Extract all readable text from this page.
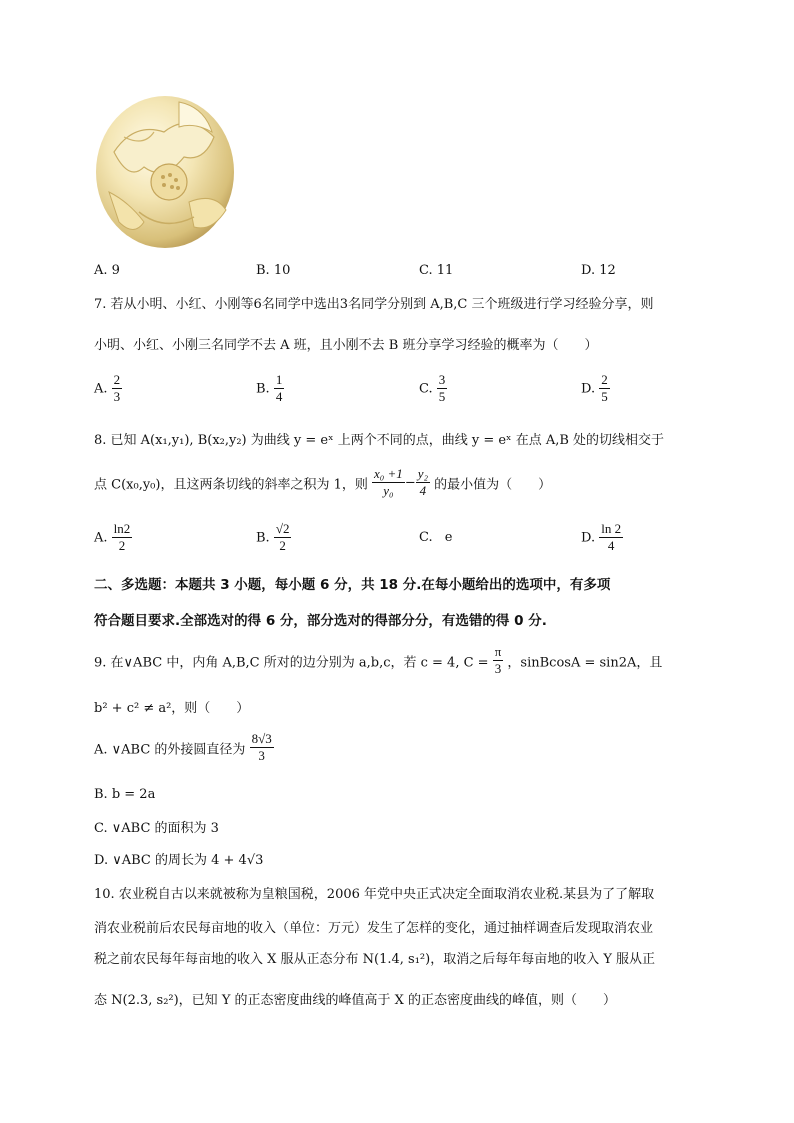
A. 9	B. 10	C. 11	D. 12
7. 若从小明、小红、小刚等6名同学中选出3名同学分别到 A,B,C 三个班级进行学习经验分享，则
小明、小红、小刚三名同学不去 A 班，且小刚不去 B 班分享学习经验的概率为（　　）
A. $\frac{2}{3}$	B. $\frac{1}{4}$	C. $\frac{3}{5}$	D. $\frac{2}{5}$
8. 已知 A(x₁,y₁), B(x₂,y₂) 为曲线 y = eˣ 上两个不同的点，曲线 y = eˣ 在点 A,B 处的切线相交于
点 C(x₀,y₀)，且这两条切线的斜率之积为 1，则 $\frac{\text{x₀ +1}}{\text{y₀}} - \frac{\text{y₂}}{4}$ 的最小值为（　　）
A. $\frac{\ln 2}{2}$	B. $\frac{√2}{2}$	C. e	D. $\frac{\ln 2}{4}$
二、多选题：本题共 3 小题，每小题 6 分，共 18 分.在每小题给出的选项中，有多项
符合题目要求.全部选对的得 6 分，部分选对的得部分分，有选错的得 0 分.
9. 在∨ABC 中，内角 A,B,C 所对的边分别为 a,b,c，若 c = 4, $C = \frac{\pi}{3}$ ，sinBcosA = sin2A，且
b² + c² ≠ a²，则（　　）
A. ∨ABC 的外接圆直径为 $\frac{8√3}{3}$
B. b = 2a
C. ∨ABC 的面积为 3
D. ∨ABC 的周长为 4 + 4√3
10. 农业税自古以来就被称为皇粮国税，2006 年党中央正式决定全面取消农业税.某县为了了解取
消农业税前后农民每亩地的收入（单位：万元）发生了怎样的变化，通过抽样调查后发现取消农业
税之前农民每年每亩地的收入 X 服从正态分布 N(1.4, s₁²)，取消之后每年每亩地的收入 Y 服从正
态 N(2.3, s₂²)，已知 Y 的正态密度曲线的峰值高于 X 的正态密度曲线的峰值，则（　　）
